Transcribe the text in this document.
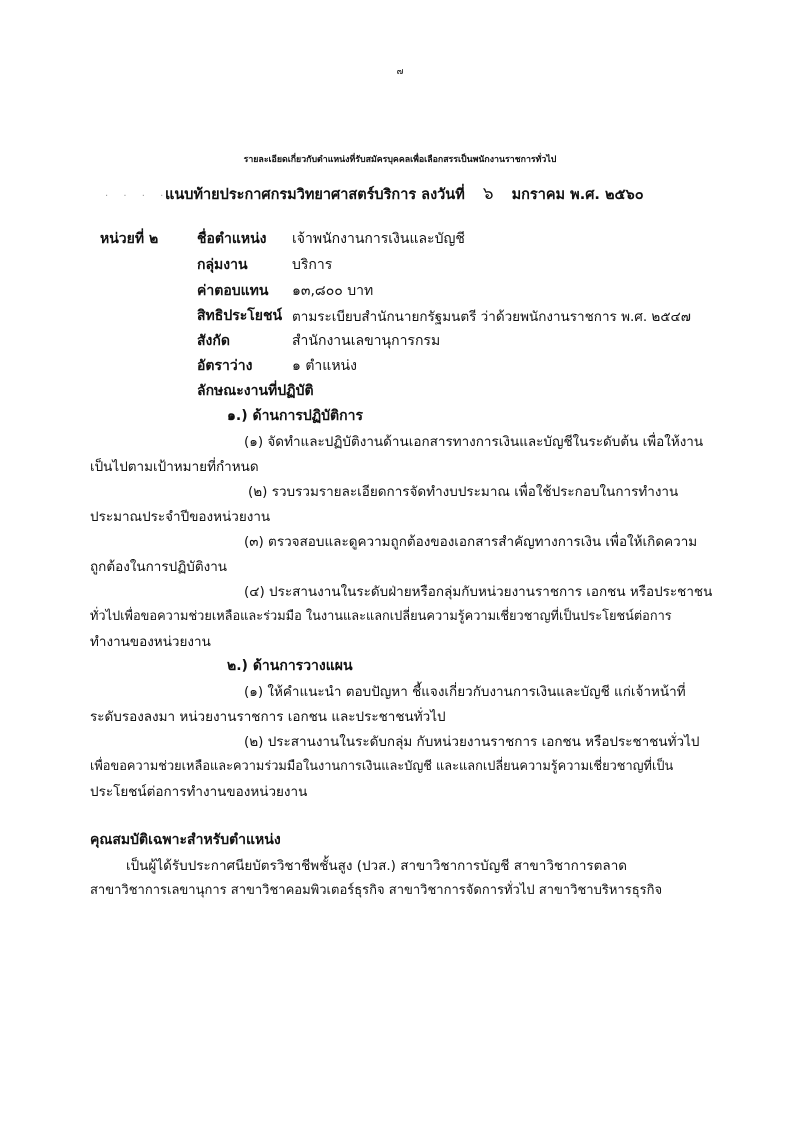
๗
รายละเอียดเกี่ยวกับตำแหน่งที่รับสมัครบุคคลเพื่อเลือกสรรเป็นพนักงานราชการทั่วไป
. . . . .
แนบท้ายประกาศกรมวิทยาศาสตร์บริการ ลงวันที่ ๖ มกราคม พ.ศ. ๒๕๖๐
หน่วยที่ ๒	ชื่อตำแหน่ง เจ้าพนักงานการเงินและบัญชี
กลุ่มงาน	บริการ
ค่าตอบแทน ๑๓,๘๐๐ บาท
สิทธิประโยชน์ ตามระเบียบสำนักนายกรัฐมนตรี ว่าด้วยพนักงานราชการ พ.ศ. ๒๕๔๗
สังกัด	สำนักงานเลขานุการกรม
อัตราว่าง	๑ ตำแหน่ง
ลักษณะงานที่ปฏิบัติ
๑.) ด้านการปฏิบัติการ
(๑) จัดทำและปฏิบัติงานด้านเอกสารทางการเงินและบัญชีในระดับต้น เพื่อให้งาน
เป็นไปตามเป้าหมายที่กำหนด
(๒) รวบรวมรายละเอียดการจัดทำงบประมาณ เพื่อใช้ประกอบในการทำงาน
ประมาณประจำปีของหน่วยงาน
(๓) ตรวจสอบและดูความถูกต้องของเอกสารสำคัญทางการเงิน เพื่อให้เกิดความ
ถูกต้องในการปฏิบัติงาน
(๔) ประสานงานในระดับฝ่ายหรือกลุ่มกับหน่วยงานราชการ เอกชน หรือประชาชน
ทั่วไปเพื่อขอความช่วยเหลือและร่วมมือ ในงานและแลกเปลี่ยนความรู้ความเชี่ยวชาญที่เป็นประโยชน์ต่อการ
ทำงานของหน่วยงาน
๒.) ด้านการวางแผน
(๑) ให้คำแนะนำ ตอบปัญหา ชี้แจงเกี่ยวกับงานการเงินและบัญชี แก่เจ้าหน้าที่
ระดับรองลงมา หน่วยงานราชการ เอกชน และประชาชนทั่วไป
(๒) ประสานงานในระดับกลุ่ม กับหน่วยงานราชการ เอกชน หรือประชาชนทั่วไป
เพื่อขอความช่วยเหลือและความร่วมมือในงานการเงินและบัญชี และแลกเปลี่ยนความรู้ความเชี่ยวชาญที่เป็น
ประโยชน์ต่อการทำงานของหน่วยงาน
คุณสมบัติเฉพาะสำหรับตำแหน่ง
เป็นผู้ได้รับประกาศนียบัตรวิชาชีพชั้นสูง (ปวส.) สาขาวิชาการบัญชี สาขาวิชาการตลาด
สาขาวิชาการเลขานุการ สาขาวิชาคอมพิวเตอร์ธุรกิจ สาขาวิชาการจัดการทั่วไป สาขาวิชาบริหารธุรกิจ
